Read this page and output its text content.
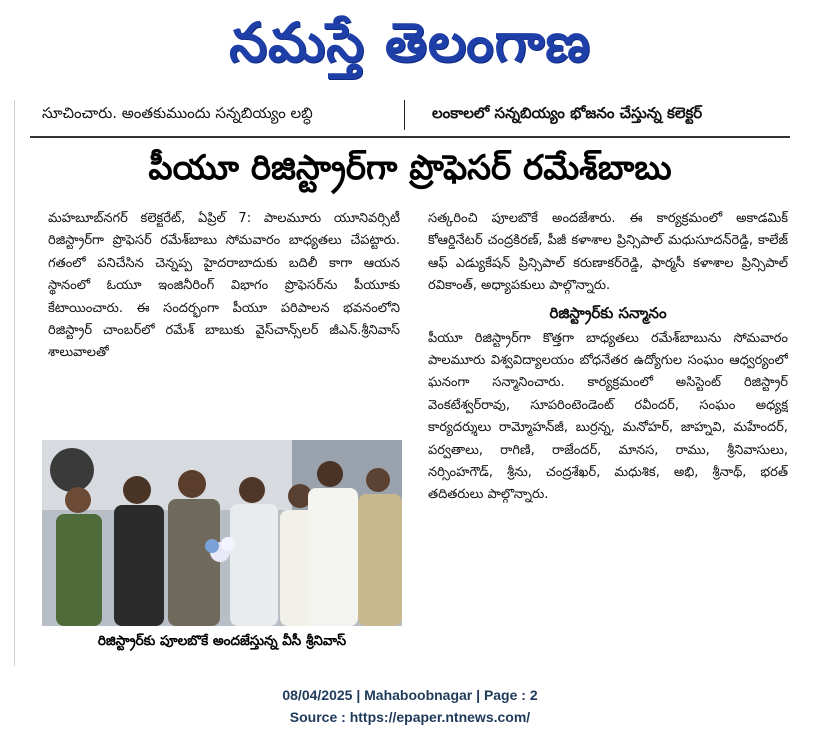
నమస్తే తెలంగాణ
సూచించారు. అంతకుముందు సన్నబియ్యం లబ్ధి	లంకాలలో సన్నబియ్యం భోజనం చేస్తున్న కలెక్టర్
పీయూ రిజిస్ట్రార్‌గా ప్రొఫెసర్ రమేశ్‌బాబు
మహబూబ్‌నగర్ కలెక్టరేట్, ఏప్రిల్ 7: పాలమూరు యూనివర్సిటీ రిజిస్ట్రార్‌గా ప్రొఫెసర్ రమేశ్‌బాబు సోమవారం బాధ్యతలు చేపట్టారు. గతంలో పనిచేసిన చెన్నప్ప హైదరాబాదుకు బదిలీ కాగా ఆయన స్థానంలో ఓయూ ఇంజినీరింగ్ విభాగం ప్రొఫెసర్‌ను పీయూకు కేటాయించారు. ఈ సందర్భంగా పీయూ పరిపాలన భవనంలోని రిజిస్ట్రార్ చాంబర్‌లో రమేశ్ బాబుకు వైస్‌చాన్స్‌లర్ జీఎన్.శ్రీనివాస్ శాలువాలతో
రిజిస్ట్రార్‌కు పూలబొకే అందజేస్తున్న వీసీ శ్రీనివాస్
సత్కరించి పూలబొకే అందజేశారు. ఈ కార్యక్రమంలో అకాడమిక్ కోఆర్డినేటర్ చంద్రకిరణ్, పీజీ కళాశాల ప్రిన్సిపాల్ మధుసూదన్‌రెడ్డి, కాలేజ్ ఆఫ్ ఎడ్యుకేషన్ ప్రిన్సిపాల్ కరుణాకర్‌రెడ్డి, ఫార్మసీ కళాశాల ప్రిన్సిపాల్ రవికాంత్, అధ్యాపకులు పాల్గొన్నారు.
రిజిస్ట్రార్‌కు సన్మానం
పీయూ రిజిస్ట్రార్‌గా కొత్తగా బాధ్యతలు రమేశ్‌బాబును సోమవారం పాలమూరు విశ్వవిద్యాలయం బోధనేతర ఉద్యోగుల సంఘం ఆధ్వర్యంలో ఘనంగా సన్మానించారు. కార్యక్రమంలో అసిస్టెంట్ రిజిస్ట్రార్ వెంకటేశ్వర్‌రావు, సూపరింటెండెంట్ రవీందర్, సంఘం అధ్యక్ష కార్యదర్శులు రామ్మోహన్‌జీ, బుర్రన్న, మనోహర్, జాహ్నవి, మహేందర్, పర్వతాలు, రాగిణి, రాజేందర్, మానస, రాము, శ్రీనివాసులు, నర్సింహగౌడ్, శ్రీను, చంద్రశేఖర్, మధుశిక, అభి, శ్రీనాథ్, భరత్ తదితరులు పాల్గొన్నారు.
08/04/2025 | Mahaboobnagar | Page : 2
Source : https://epaper.ntnews.com/
